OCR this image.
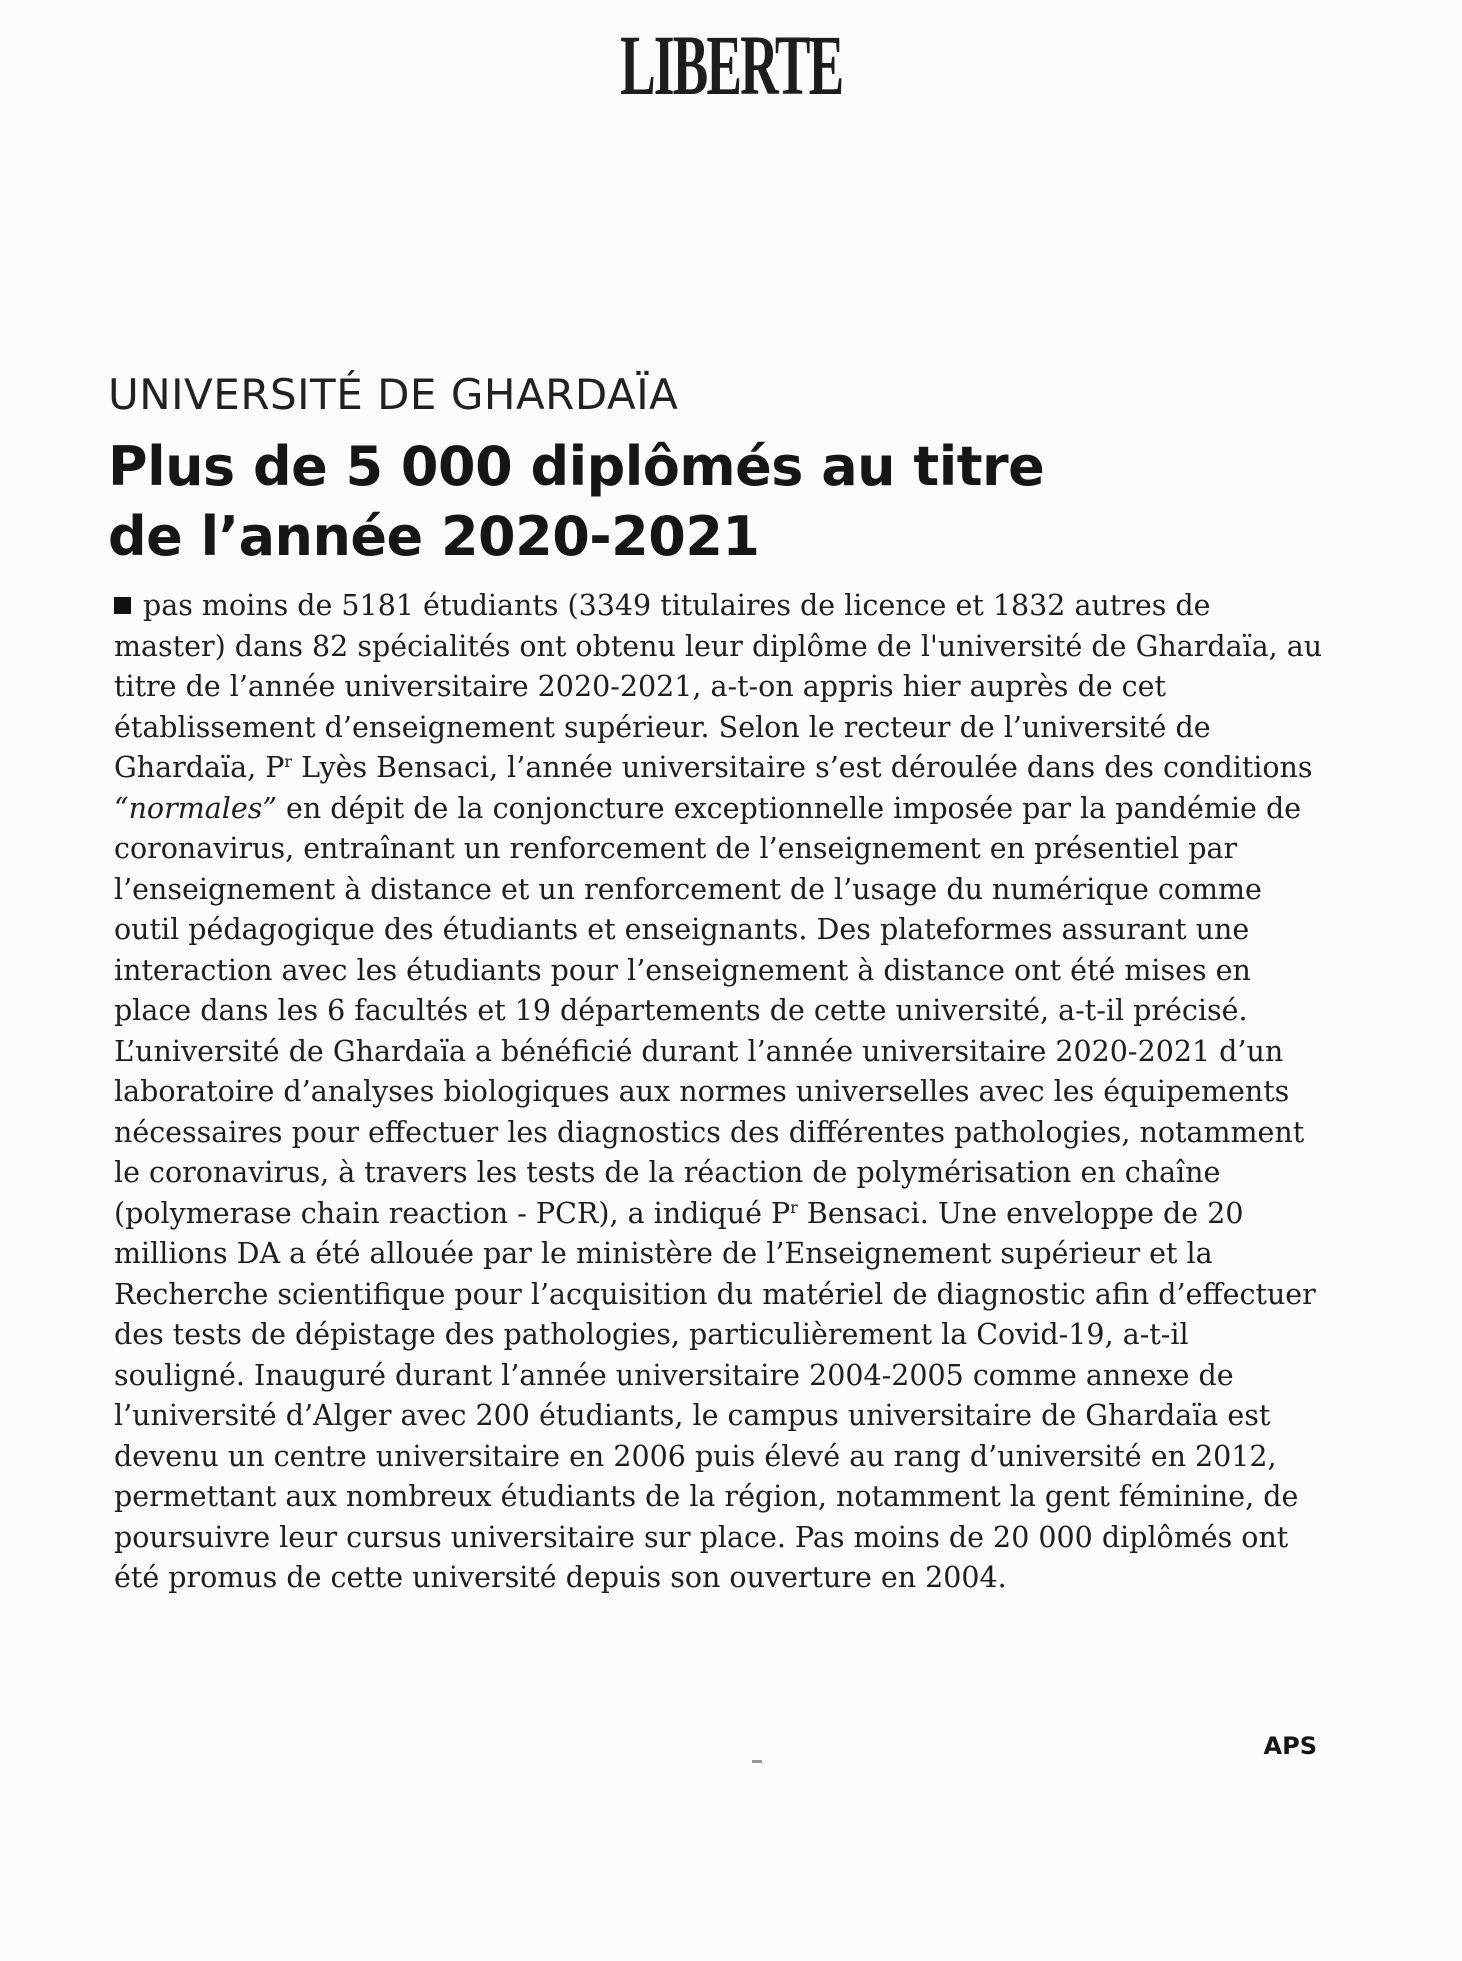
LIBERTE
UNIVERSITÉ DE GHARDAÏA
Plus de 5 000 diplômés au titre de l’année 2020-2021

pas moins de 5181 étudiants (3349 titulaires de licence et 1832 autres de master) dans 82 spécialités ont obtenu leur diplôme de l'université de Ghardaïa, au titre de l’année universitaire 2020-2021, a-t-on appris hier auprès de cet établissement d’enseignement supérieur. Selon le recteur de l’université de Ghardaïa, $P^r$ Lyès Bensaci, l’année universitaire s’est déroulée dans des conditions “normales” en dépit de la conjoncture exceptionnelle imposée par la pandémie de coronavirus, entraînant un renforcement de l’enseignement en présentiel par l’enseignement à distance et un renforcement de l’usage du numérique comme outil pédagogique des étudiants et enseignants. Des plateformes assurant une interaction avec les étudiants pour l’enseignement à distance ont été mises en place dans les 6 facultés et 19 départements de cette université, a-t-il précisé. L’université de Ghardaïa a bénéficié durant l’année universitaire 2020-2021 d’un laboratoire d’analyses biologiques aux normes universelles avec les équipements nécessaires pour effectuer les diagnostics des différentes pathologies, notamment le coronavirus, à travers les tests de la réaction de polymérisation en chaîne (polymerase chain reaction - PCR), a indiqué $P^r$ Bensaci. Une enveloppe de 20 millions DA a été allouée par le ministère de l’Enseignement supérieur et la Recherche scientifique pour l’acquisition du matériel de diagnostic afin d’effectuer des tests de dépistage des pathologies, particulièrement la Covid-19, a-t-il souligné. Inauguré durant l’année universitaire 2004-2005 comme annexe de l’université d’Alger avec 200 étudiants, le campus universitaire de Ghardaïa est devenu un centre universitaire en 2006 puis élevé au rang d’université en 2012, permettant aux nombreux étudiants de la région, notamment la gent féminine, de poursuivre leur cursus universitaire sur place. Pas moins de 20 000 diplômés ont été promus de cette université depuis son ouverture en 2004.

APS
